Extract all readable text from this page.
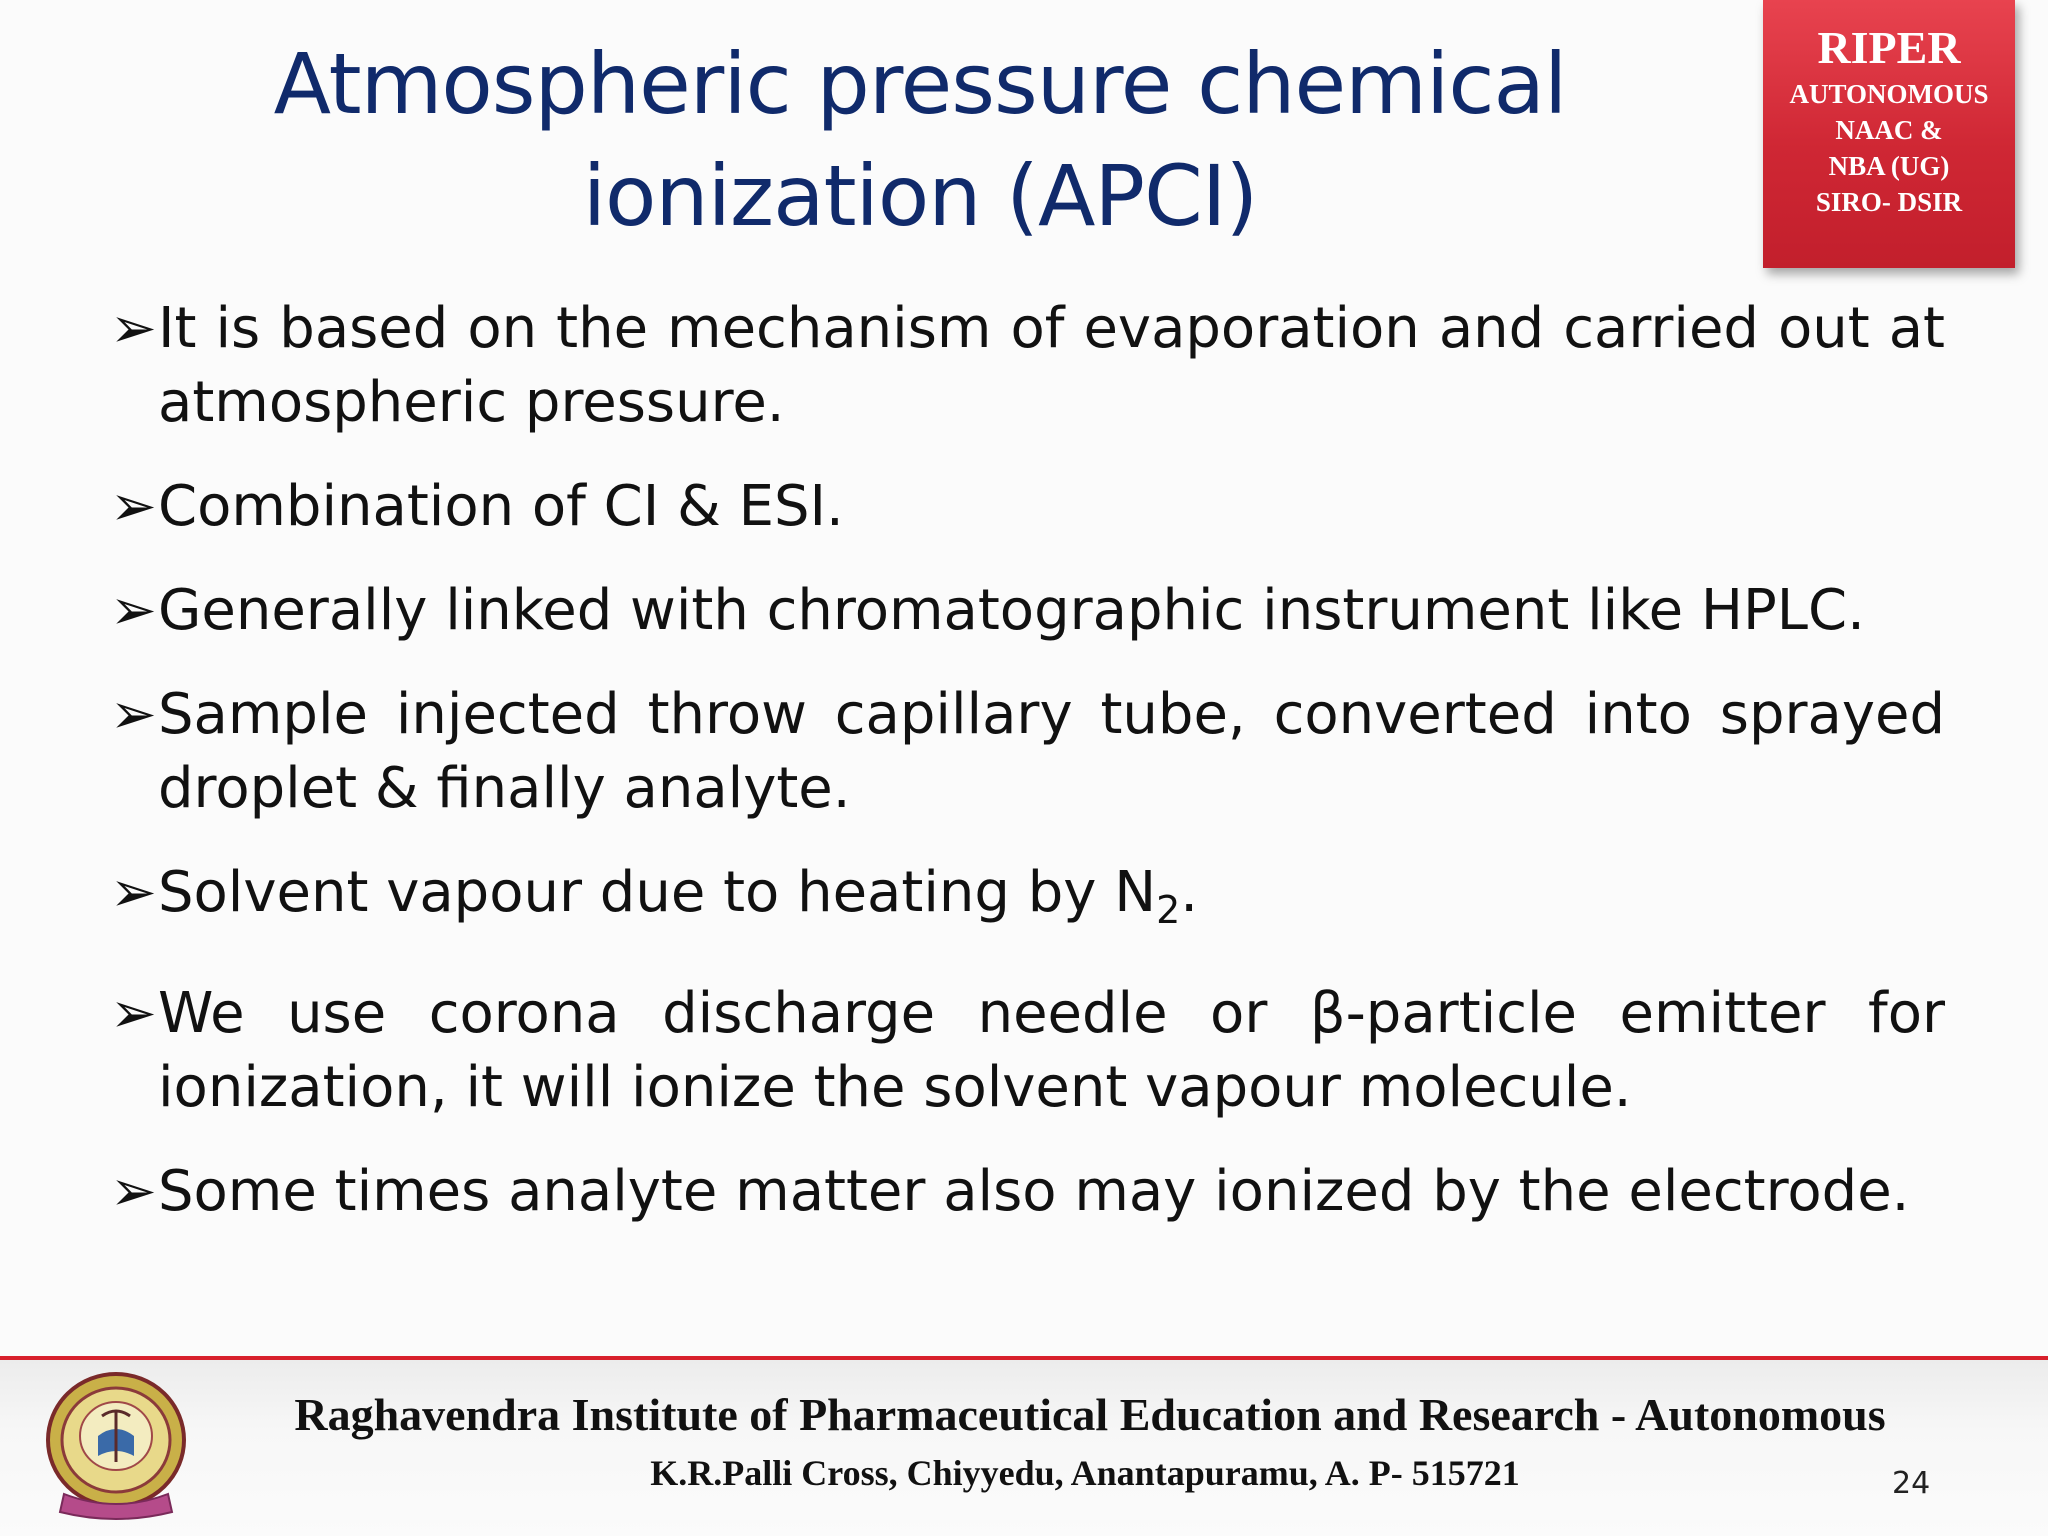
Atmospheric pressure chemical
ionization (APCI)
RIPER
AUTONOMOUS
NAAC &
NBA (UG)
SIRO- DSIR
➢ It is based on the mechanism of evaporation and carried out at atmospheric pressure.
➢ Combination of CI & ESI.
➢ Generally linked with chromatographic instrument like HPLC.
➢ Sample injected throw capillary tube, converted into sprayed droplet & finally analyte.
➢ Solvent vapour due to heating by $N_2$.
➢ We use corona discharge needle or β-particle emitter for ionization, it will ionize the solvent vapour molecule.
➢ Some times analyte matter also may ionized by the electrode.
Raghavendra Institute of Pharmaceutical Education and Research - Autonomous
K.R.Palli Cross, Chiyyedu, Anantapuramu, A. P- 515721	24
